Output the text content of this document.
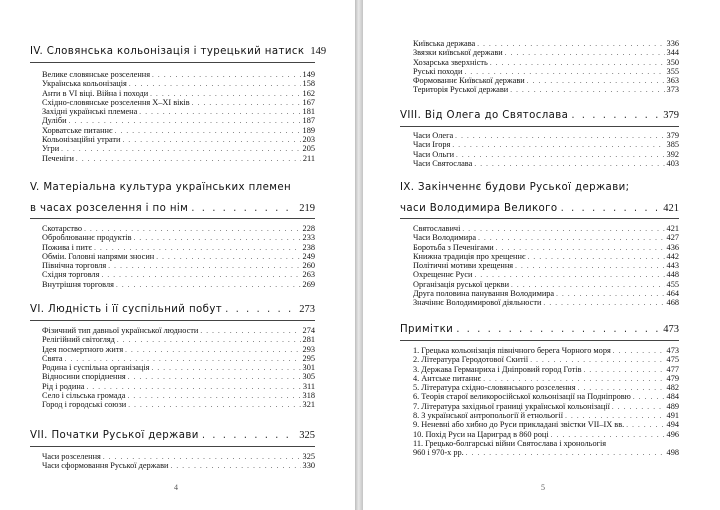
IV. Словянська кольонізація і турецький натиск 149
Велике словянське розселення . . .	149
Українська кольонізація . . .	158
Анти в VI віці. Війна і походи . . .	162
Східно-словянське розселення X–XI віків . . .	167
Західні українські племена . . .	181
Дуліби . . .	187
Хорватське питаннє . . .	189
Кольонізаційні утрати . . .	203
Угри . . .	205
Печеніги . . .	211
V. Матеріальна культура українських племен
в часах розселення і по нім . . .	219
Скотарство . . .	228
Оброблюваннє продуктів . . .	233
Пожива і питє . . .	238
Обміи. Головні напрями зносин . . .	249
Північна торговля . . .	260
Східня торговля . . .	263
Внутрішня торговля . . .	269
VI. Людність і її суспільний побут . . .	273
Фізичний тип давньої української людности . . .	274
Релігійний світогляд . . .	281
Ідея посмертного житя . . .	293
Свята . . .	295
Родина і суспільна організація . . .	301
Відносини споріднення . . .	305
Рід і родина . . .	311
Село і сільська громада . . .	318
Город і городські союзи . . .	321
VII. Початки Руської держави . . .	325
Часи розселення . . .	325
Часи сформовання Руської держави . . .	330
4
Київська держава . . .	336
Звязки київської держави . . .	344
Хозарська зверхність . . .	350
Руські походи . . .	355
Формованнє Київської держави . . .	363
Територія Руської держави . . .	373
VIII. Від Олега до Святослава . . .	379
Часи Олега . . .	379
Часи Ігоря . . .	385
Часи Ольги . . .	392
Часи Святослава . . .	403
IX. Закінченнє будови Руської держави;
часи Володимира Великого . . .	421
Святославичі . . .	421
Часи Володимира . . .	427
Боротьба з Печенігами . . .	436
Книжна традиція про хрещеннє . . .	442
Політичні мотиви хрещення . . .	443
Охрещеннє Руси . . .	448
Організація руської церкви . . .	455
Друга половина панування Володимира . . .	464
Значіннє Володимирової діяльности . . .	468
Примітки . . .	473
1. Грецька кольонізація північного берега Чорного моря . . .	473
2. Література Геродотової Скитії . . .	475
3. Держава Германриха і Дніпровий город Готів . . .	477
4. Антське питаннє . . .	479
5. Література східно-словянського розселення . . .	482
6. Теорія старої великоросійської кольонізації на Подніпровю . . .	484
7. Література західньої границі української кольонізації . . .	489
8. З української антропольогії й етнольогії . . .	491
9. Неневні або хибно до Руси прикладані звістки VII–IX вв. . . .	494
10. Похід Руси на Цариград в 860 році . . .	496
11. Грецько-болгарські війни Святослава і хронольогія
960 і 970-х рр. . . .	498
5
